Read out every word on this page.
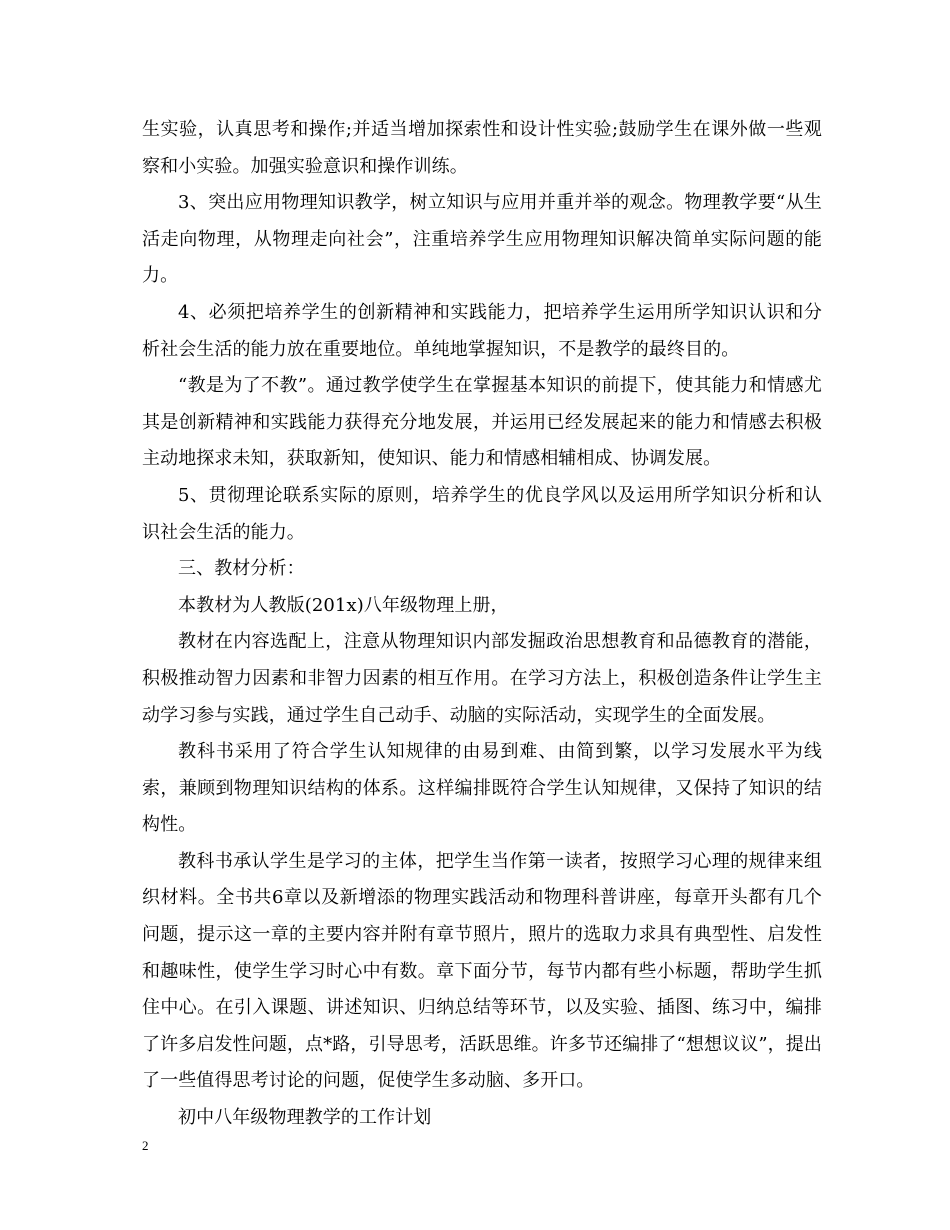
生实验，认真思考和操作;并适当增加探索性和设计性实验;鼓励学生在课外做一些观察和小实验。加强实验意识和操作训练。

3、突出应用物理知识教学，树立知识与应用并重并举的观念。物理教学要“从生活走向物理，从物理走向社会”，注重培养学生应用物理知识解决简单实际问题的能力。

4、必须把培养学生的创新精神和实践能力，把培养学生运用所学知识认识和分析社会生活的能力放在重要地位。单纯地掌握知识，不是教学的最终目的。

“教是为了不教”。通过教学使学生在掌握基本知识的前提下，使其能力和情感尤其是创新精神和实践能力获得充分地发展，并运用已经发展起来的能力和情感去积极主动地探求未知，获取新知，使知识、能力和情感相辅相成、协调发展。

5、贯彻理论联系实际的原则，培养学生的优良学风以及运用所学知识分析和认识社会生活的能力。

三、教材分析：

本教材为人教版(201x)八年级物理上册，

教材在内容选配上，注意从物理知识内部发掘政治思想教育和品德教育的潜能，积极推动智力因素和非智力因素的相互作用。在学习方法上，积极创造条件让学生主动学习参与实践，通过学生自己动手、动脑的实际活动，实现学生的全面发展。

教科书采用了符合学生认知规律的由易到难、由简到繁，以学习发展水平为线索，兼顾到物理知识结构的体系。这样编排既符合学生认知规律，又保持了知识的结构性。

教科书承认学生是学习的主体，把学生当作第一读者，按照学习心理的规律来组织材料。全书共6章以及新增添的物理实践活动和物理科普讲座，每章开头都有几个问题，提示这一章的主要内容并附有章节照片，照片的选取力求具有典型性、启发性和趣味性，使学生学习时心中有数。章下面分节，每节内都有些小标题，帮助学生抓住中心。在引入课题、讲述知识、归纳总结等环节，以及实验、插图、练习中，编排了许多启发性问题，点*路，引导思考，活跃思维。许多节还编排了“想想议议”，提出了一些值得思考讨论的问题，促使学生多动脑、多开口。

初中八年级物理教学的工作计划

2
